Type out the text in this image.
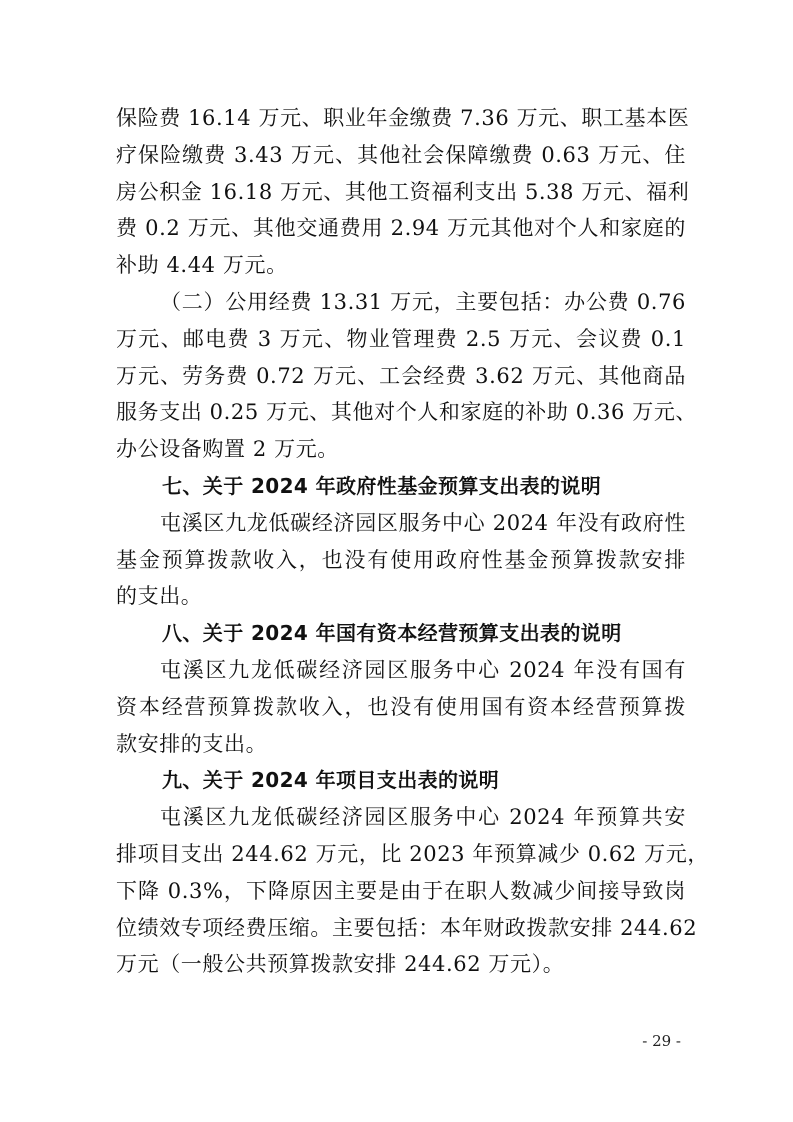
保险费 16.14 万元、职业年金缴费 7.36 万元、职工基本医
疗保险缴费 3.43 万元、其他社会保障缴费 0.63 万元、住
房公积金 16.18 万元、其他工资福利支出 5.38 万元、福利
费 0.2 万元、其他交通费用 2.94 万元其他对个人和家庭的
补助 4.44 万元。

（二）公用经费 13.31 万元，主要包括：办公费 0.76
万元、邮电费 3 万元、物业管理费 2.5 万元、会议费 0.1
万元、劳务费 0.72 万元、工会经费 3.62 万元、其他商品
服务支出 0.25 万元、其他对个人和家庭的补助 0.36 万元、
办公设备购置 2 万元。

七、关于 2024 年政府性基金预算支出表的说明

屯溪区九龙低碳经济园区服务中心 2024 年没有政府性
基金预算拨款收入，也没有使用政府性基金预算拨款安排
的支出。

八、关于 2024 年国有资本经营预算支出表的说明

屯溪区九龙低碳经济园区服务中心 2024 年没有国有
资本经营预算拨款收入，也没有使用国有资本经营预算拨
款安排的支出。

九、关于 2024 年项目支出表的说明

屯溪区九龙低碳经济园区服务中心 2024 年预算共安
排项目支出 244.62 万元，比 2023 年预算减少 0.62 万元，
下降 0.3%，下降原因主要是由于在职人数减少间接导致岗
位绩效专项经费压缩。主要包括：本年财政拨款安排 244.62
万元（一般公共预算拨款安排 244.62 万元）。

- 29 -
